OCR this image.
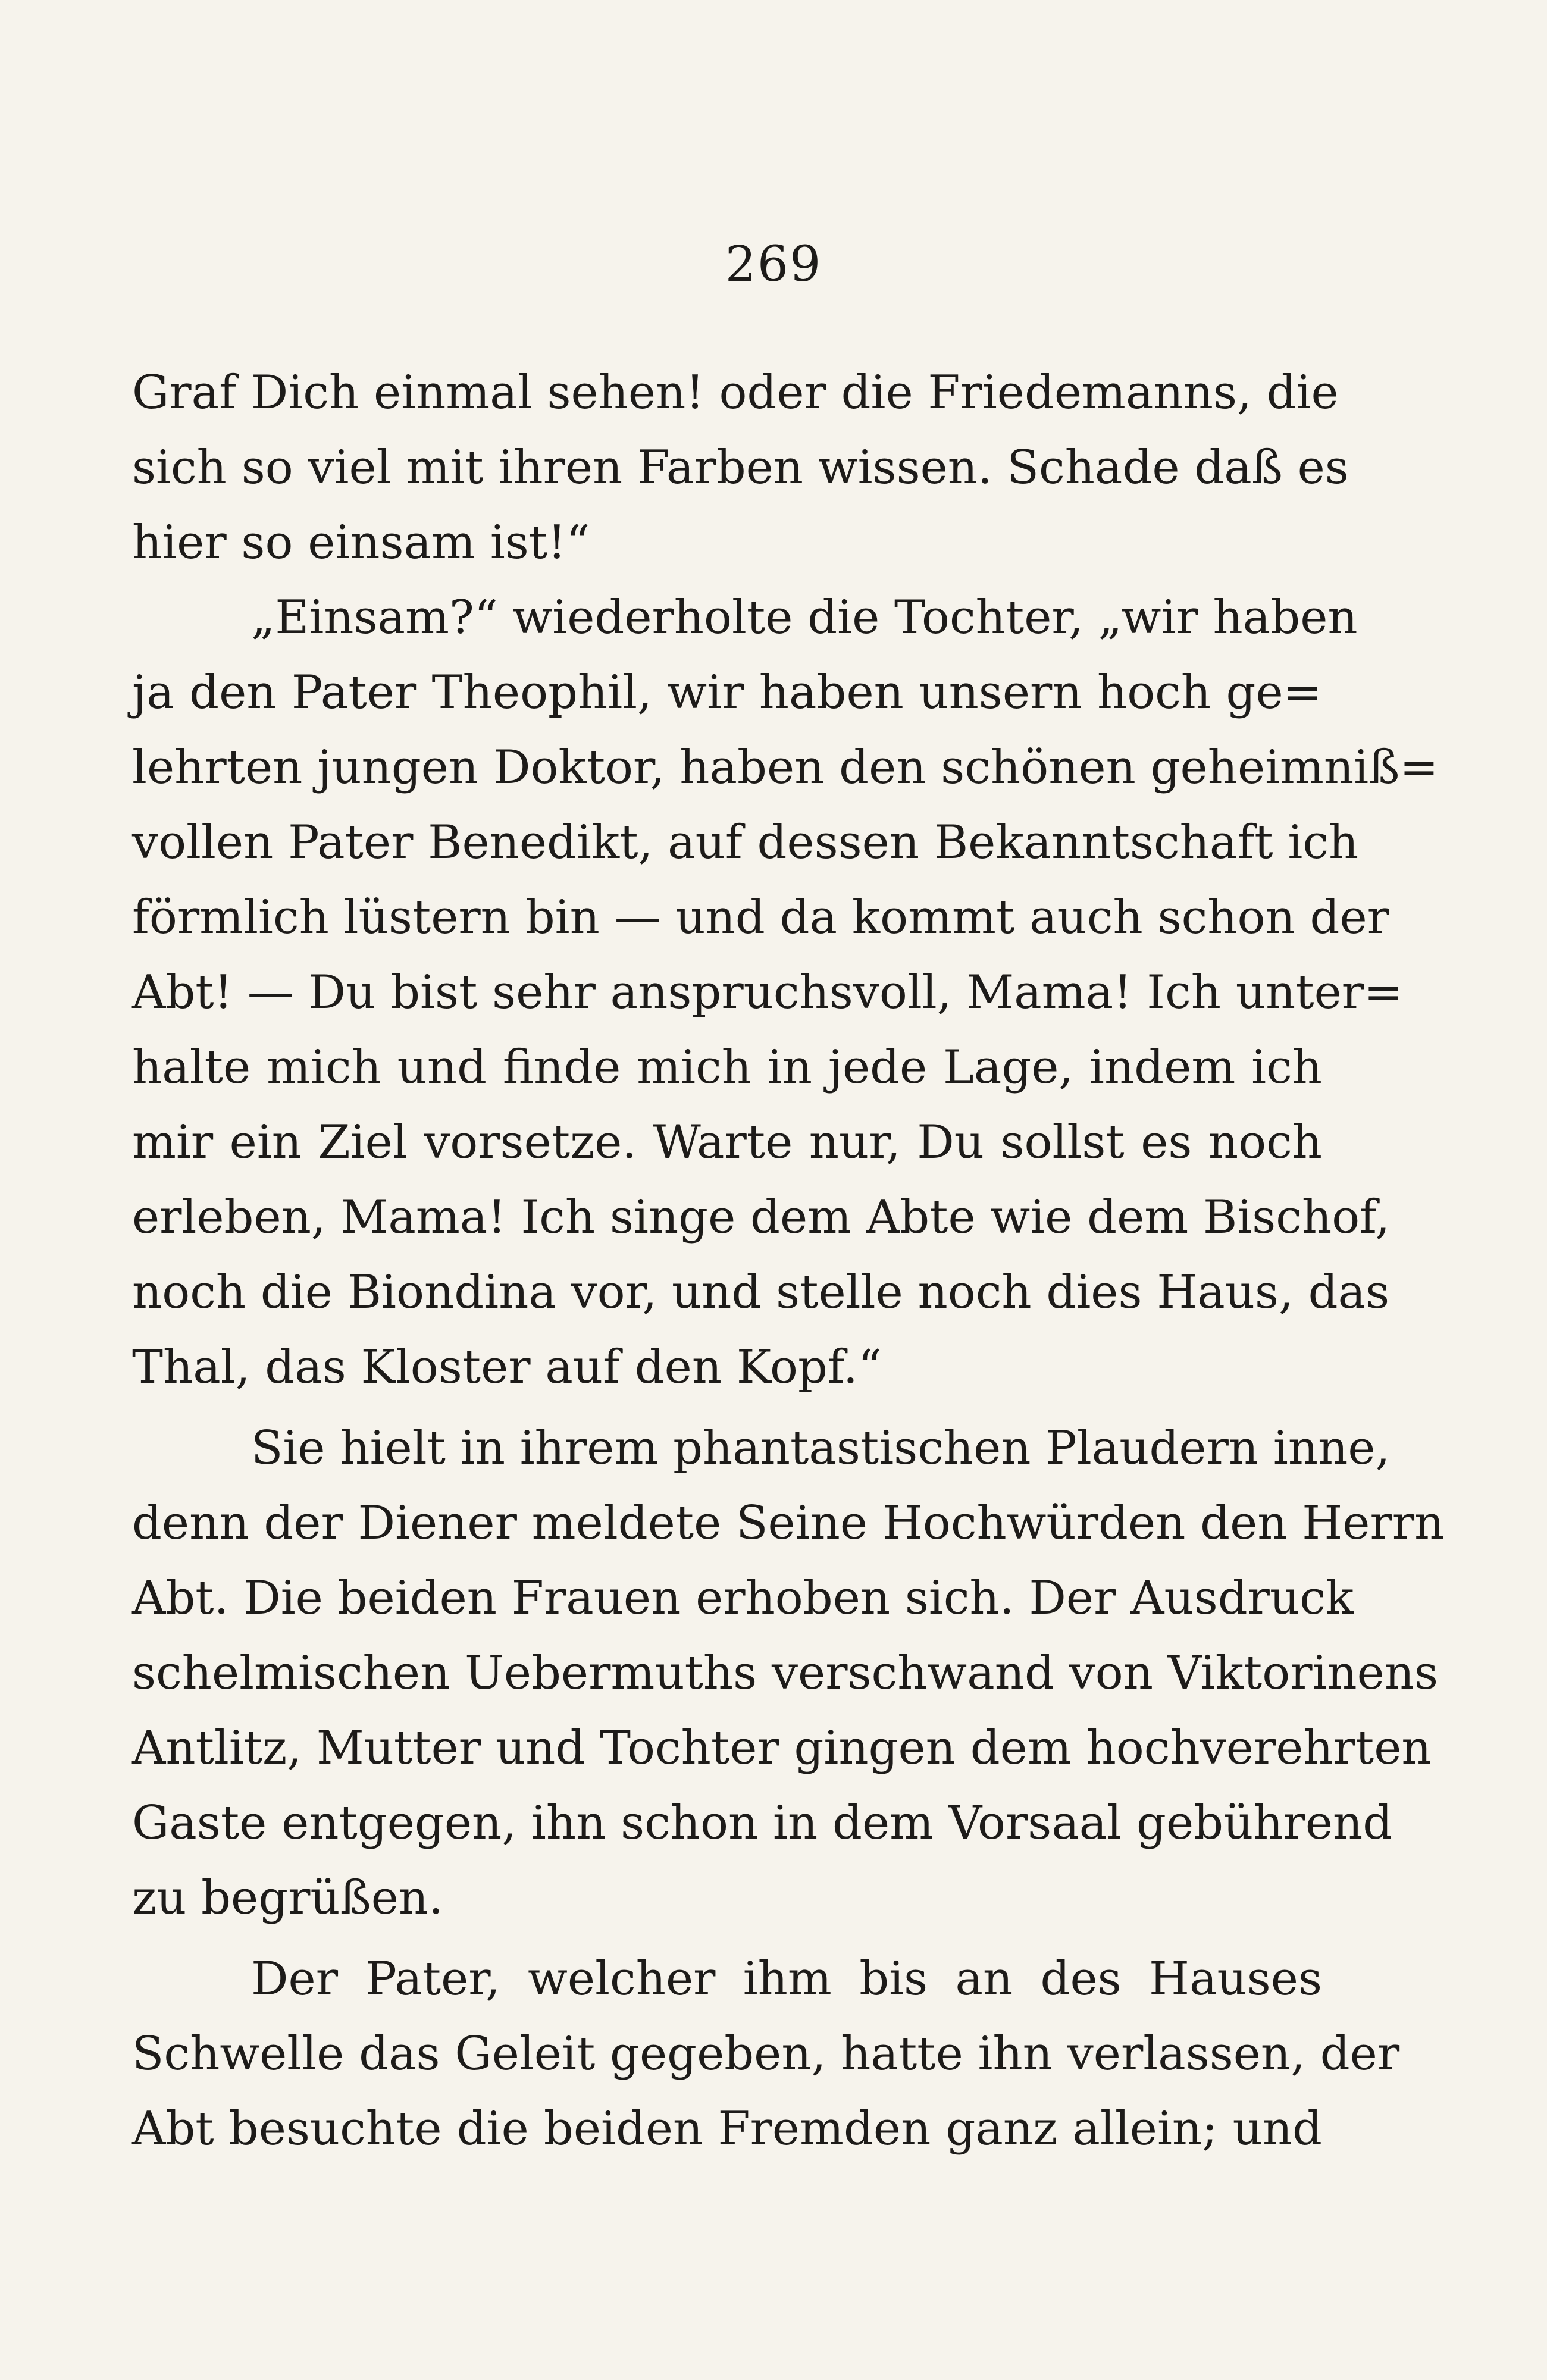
269
Graf Dich einmal sehen! oder die Friedemanns, die
sich so viel mit ihren Farben wissen. Schade daß es
hier so einsam ist!“
„Einsam?“ wiederholte die Tochter, „wir haben
ja den Pater Theophil, wir haben unsern hoch ge=
lehrten jungen Doktor, haben den schönen geheimniß=
vollen Pater Benedikt, auf dessen Bekanntschaft ich
förmlich lüstern bin — und da kommt auch schon der
Abt! — Du bist sehr anspruchsvoll, Mama! Ich unter=
halte mich und finde mich in jede Lage, indem ich
mir ein Ziel vorsetze. Warte nur, Du sollst es noch
erleben, Mama! Ich singe dem Abte wie dem Bischof,
noch die Biondina vor, und stelle noch dies Haus, das
Thal, das Kloster auf den Kopf.“
Sie hielt in ihrem phantastischen Plaudern inne,
denn der Diener meldete Seine Hochwürden den Herrn
Abt. Die beiden Frauen erhoben sich. Der Ausdruck
schelmischen Uebermuths verschwand von Viktorinens
Antlitz, Mutter und Tochter gingen dem hochverehrten
Gaste entgegen, ihn schon in dem Vorsaal gebührend
zu begrüßen.
Der Pater, welcher ihm bis an des Hauses
Schwelle das Geleit gegeben, hatte ihn verlassen, der
Abt besuchte die beiden Fremden ganz allein; und
